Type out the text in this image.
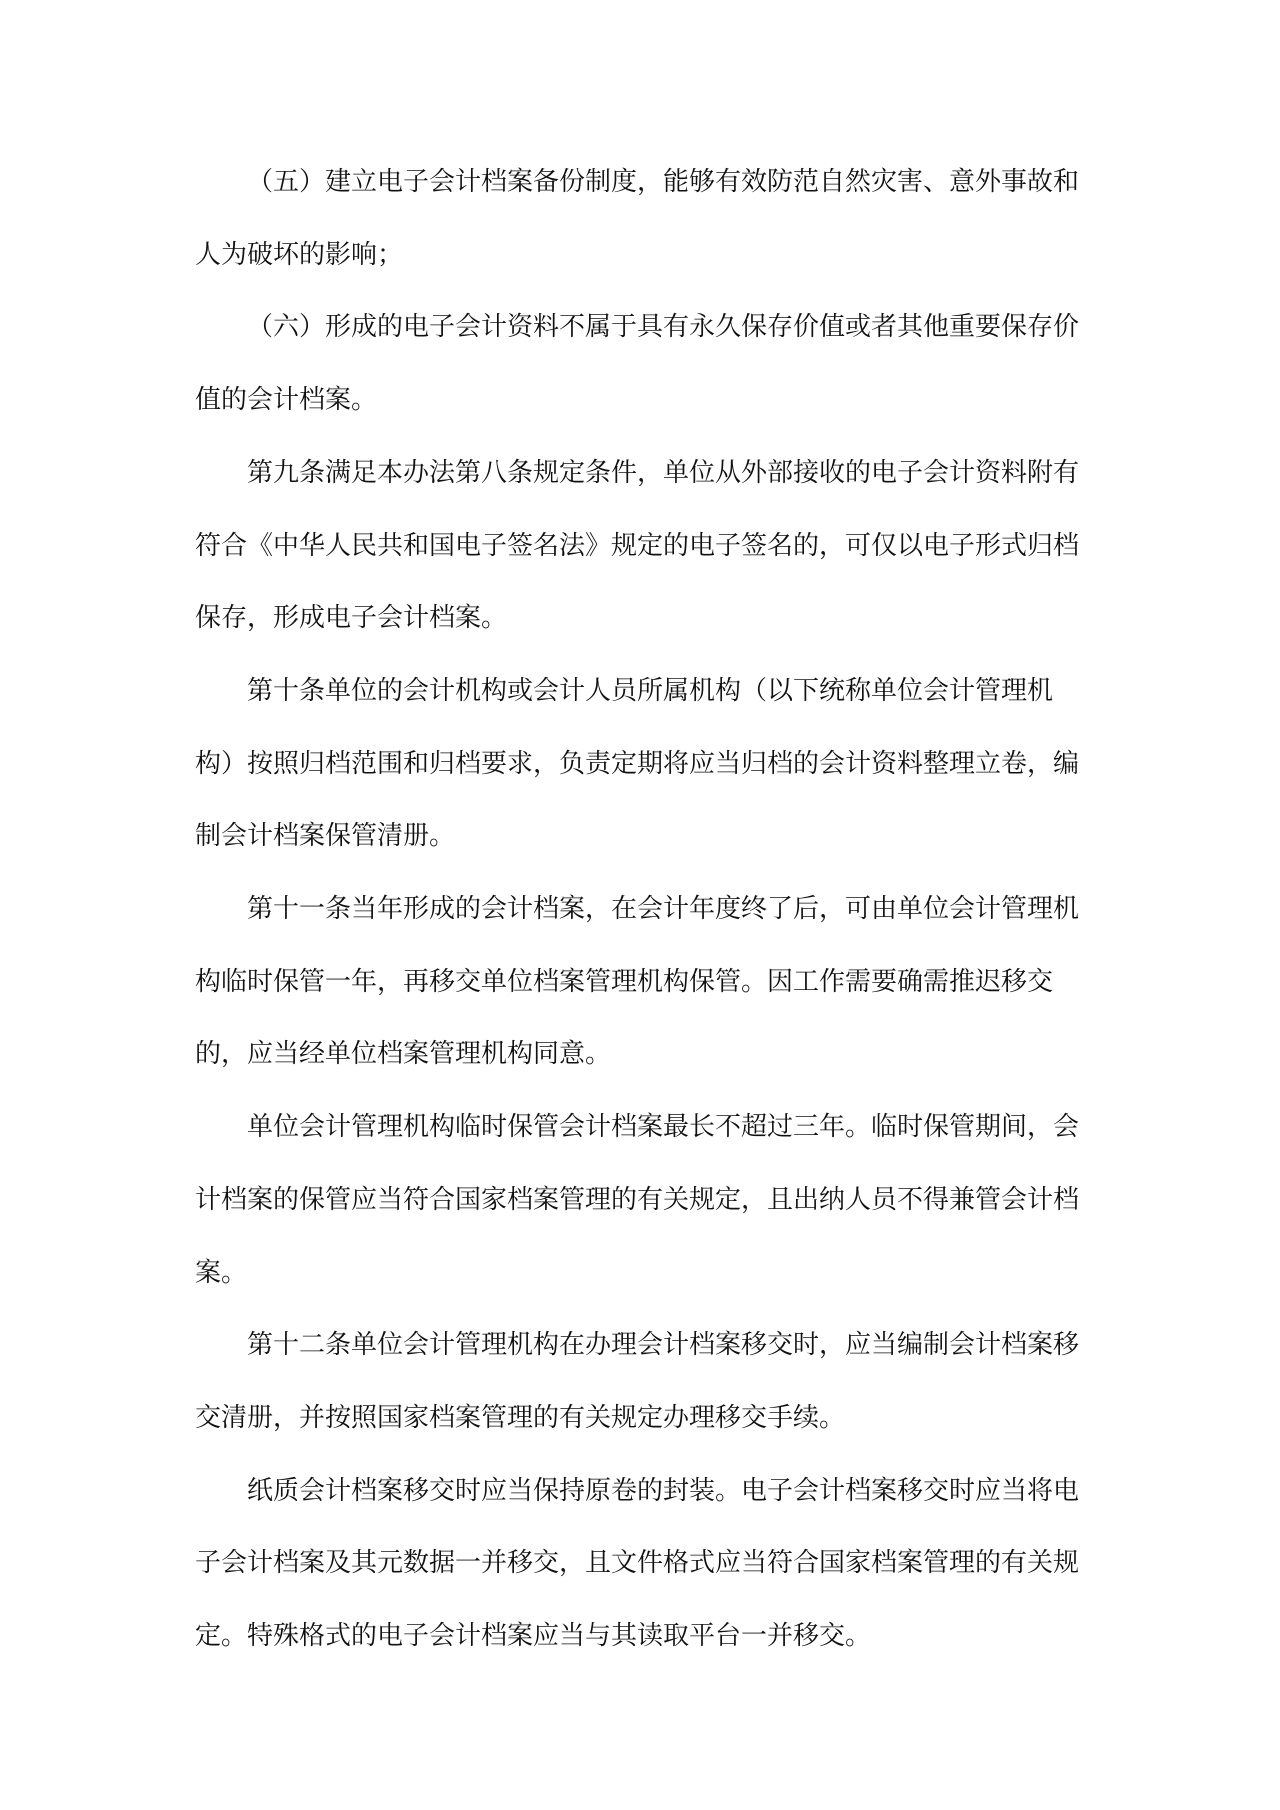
（五）建立电子会计档案备份制度，能够有效防范自然灾害、意外事故和人为破坏的影响；

（六）形成的电子会计资料不属于具有永久保存价值或者其他重要保存价值的会计档案。

第九条满足本办法第八条规定条件，单位从外部接收的电子会计资料附有符合《中华人民共和国电子签名法》规定的电子签名的，可仅以电子形式归档保存，形成电子会计档案。

第十条单位的会计机构或会计人员所属机构（以下统称单位会计管理机构）按照归档范围和归档要求，负责定期将应当归档的会计资料整理立卷，编制会计档案保管清册。

第十一条当年形成的会计档案，在会计年度终了后，可由单位会计管理机构临时保管一年，再移交单位档案管理机构保管。因工作需要确需推迟移交的，应当经单位档案管理机构同意。

单位会计管理机构临时保管会计档案最长不超过三年。临时保管期间，会计档案的保管应当符合国家档案管理的有关规定，且出纳人员不得兼管会计档案。

第十二条单位会计管理机构在办理会计档案移交时，应当编制会计档案移交清册，并按照国家档案管理的有关规定办理移交手续。

纸质会计档案移交时应当保持原卷的封装。电子会计档案移交时应当将电子会计档案及其元数据一并移交，且文件格式应当符合国家档案管理的有关规定。特殊格式的电子会计档案应当与其读取平台一并移交。
